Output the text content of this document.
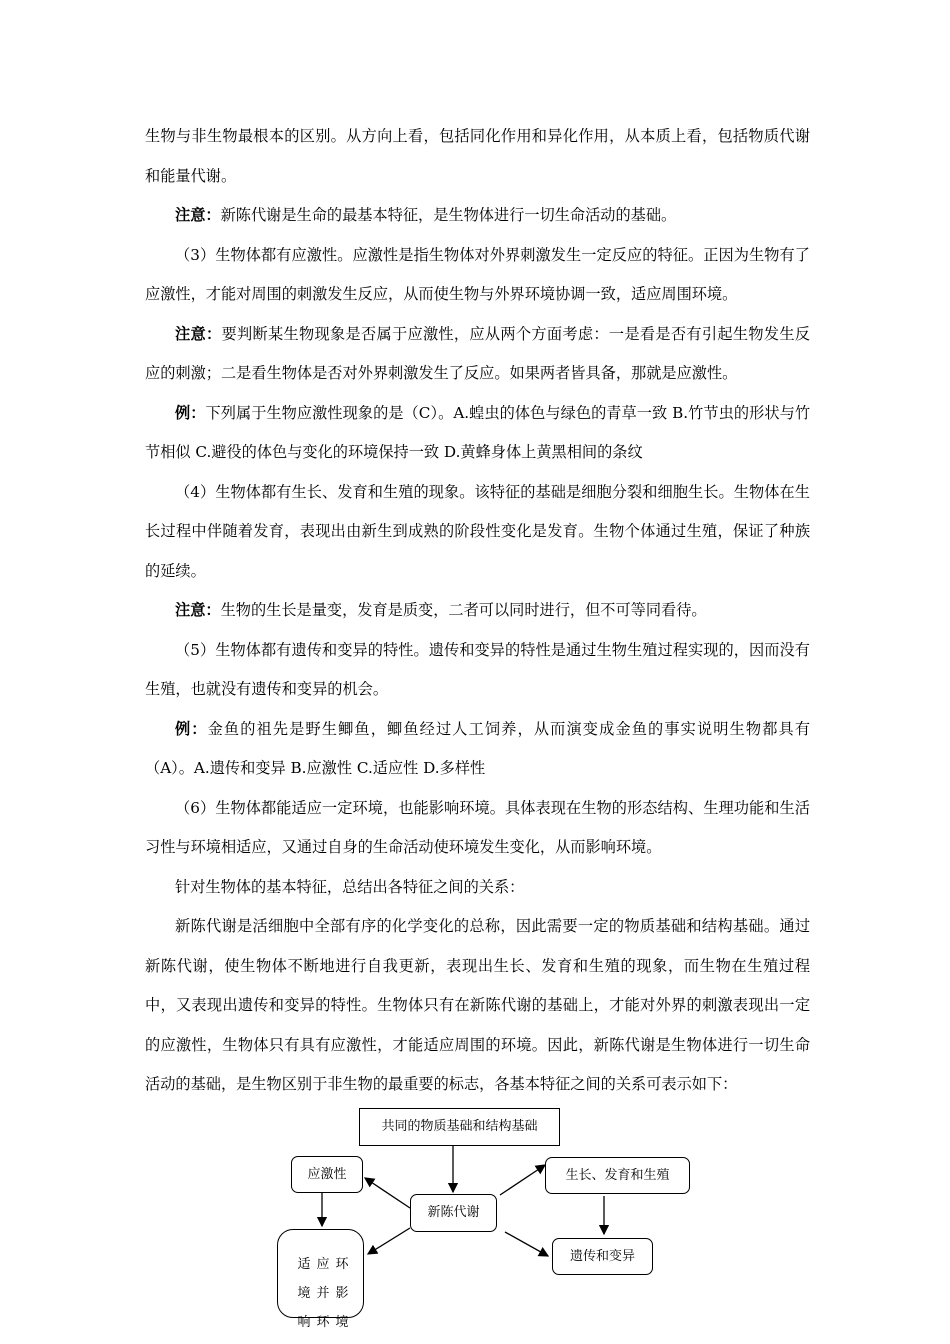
生物与非生物最根本的区别。从方向上看，包括同化作用和异化作用，从本质上看，包括物质代谢和能量代谢。

注意：新陈代谢是生命的最基本特征，是生物体进行一切生命活动的基础。

（3）生物体都有应激性。应激性是指生物体对外界刺激发生一定反应的特征。正因为生物有了应激性，才能对周围的刺激发生反应，从而使生物与外界环境协调一致，适应周围环境。

注意：要判断某生物现象是否属于应激性，应从两个方面考虑：一是看是否有引起生物发生反应的刺激；二是看生物体是否对外界刺激发生了反应。如果两者皆具备，那就是应激性。

例：下列属于生物应激性现象的是（C）。A.蝗虫的体色与绿色的青草一致 B.竹节虫的形状与竹节相似 C.避役的体色与变化的环境保持一致 D.黄蜂身体上黄黑相间的条纹

（4）生物体都有生长、发育和生殖的现象。该特征的基础是细胞分裂和细胞生长。生物体在生长过程中伴随着发育，表现出由新生到成熟的阶段性变化是发育。生物个体通过生殖，保证了种族的延续。

注意：生物的生长是量变，发育是质变，二者可以同时进行，但不可等同看待。

（5）生物体都有遗传和变异的特性。遗传和变异的特性是通过生物生殖过程实现的，因而没有生殖，也就没有遗传和变异的机会。

例：金鱼的祖先是野生鲫鱼，鲫鱼经过人工饲养，从而演变成金鱼的事实说明生物都具有（A）。A.遗传和变异 B.应激性 C.适应性 D.多样性

（6）生物体都能适应一定环境，也能影响环境。具体表现在生物的形态结构、生理功能和生活习性与环境相适应，又通过自身的生命活动使环境发生变化，从而影响环境。

针对生物体的基本特征，总结出各特征之间的关系：

新陈代谢是活细胞中全部有序的化学变化的总称，因此需要一定的物质基础和结构基础。通过新陈代谢，使生物体不断地进行自我更新，表现出生长、发育和生殖的现象，而生物在生殖过程中，又表现出遗传和变异的特性。生物体只有在新陈代谢的基础上，才能对外界的刺激表现出一定的应激性，生物体只有具有应激性，才能适应周围的环境。因此，新陈代谢是生物体进行一切生命活动的基础，是生物区别于非生物的最重要的标志，各基本特征之间的关系可表示如下：

共同的物质基础和结构基础
应激性
新陈代谢
生长、发育和生殖
适应环境并影响环境
遗传和变异
